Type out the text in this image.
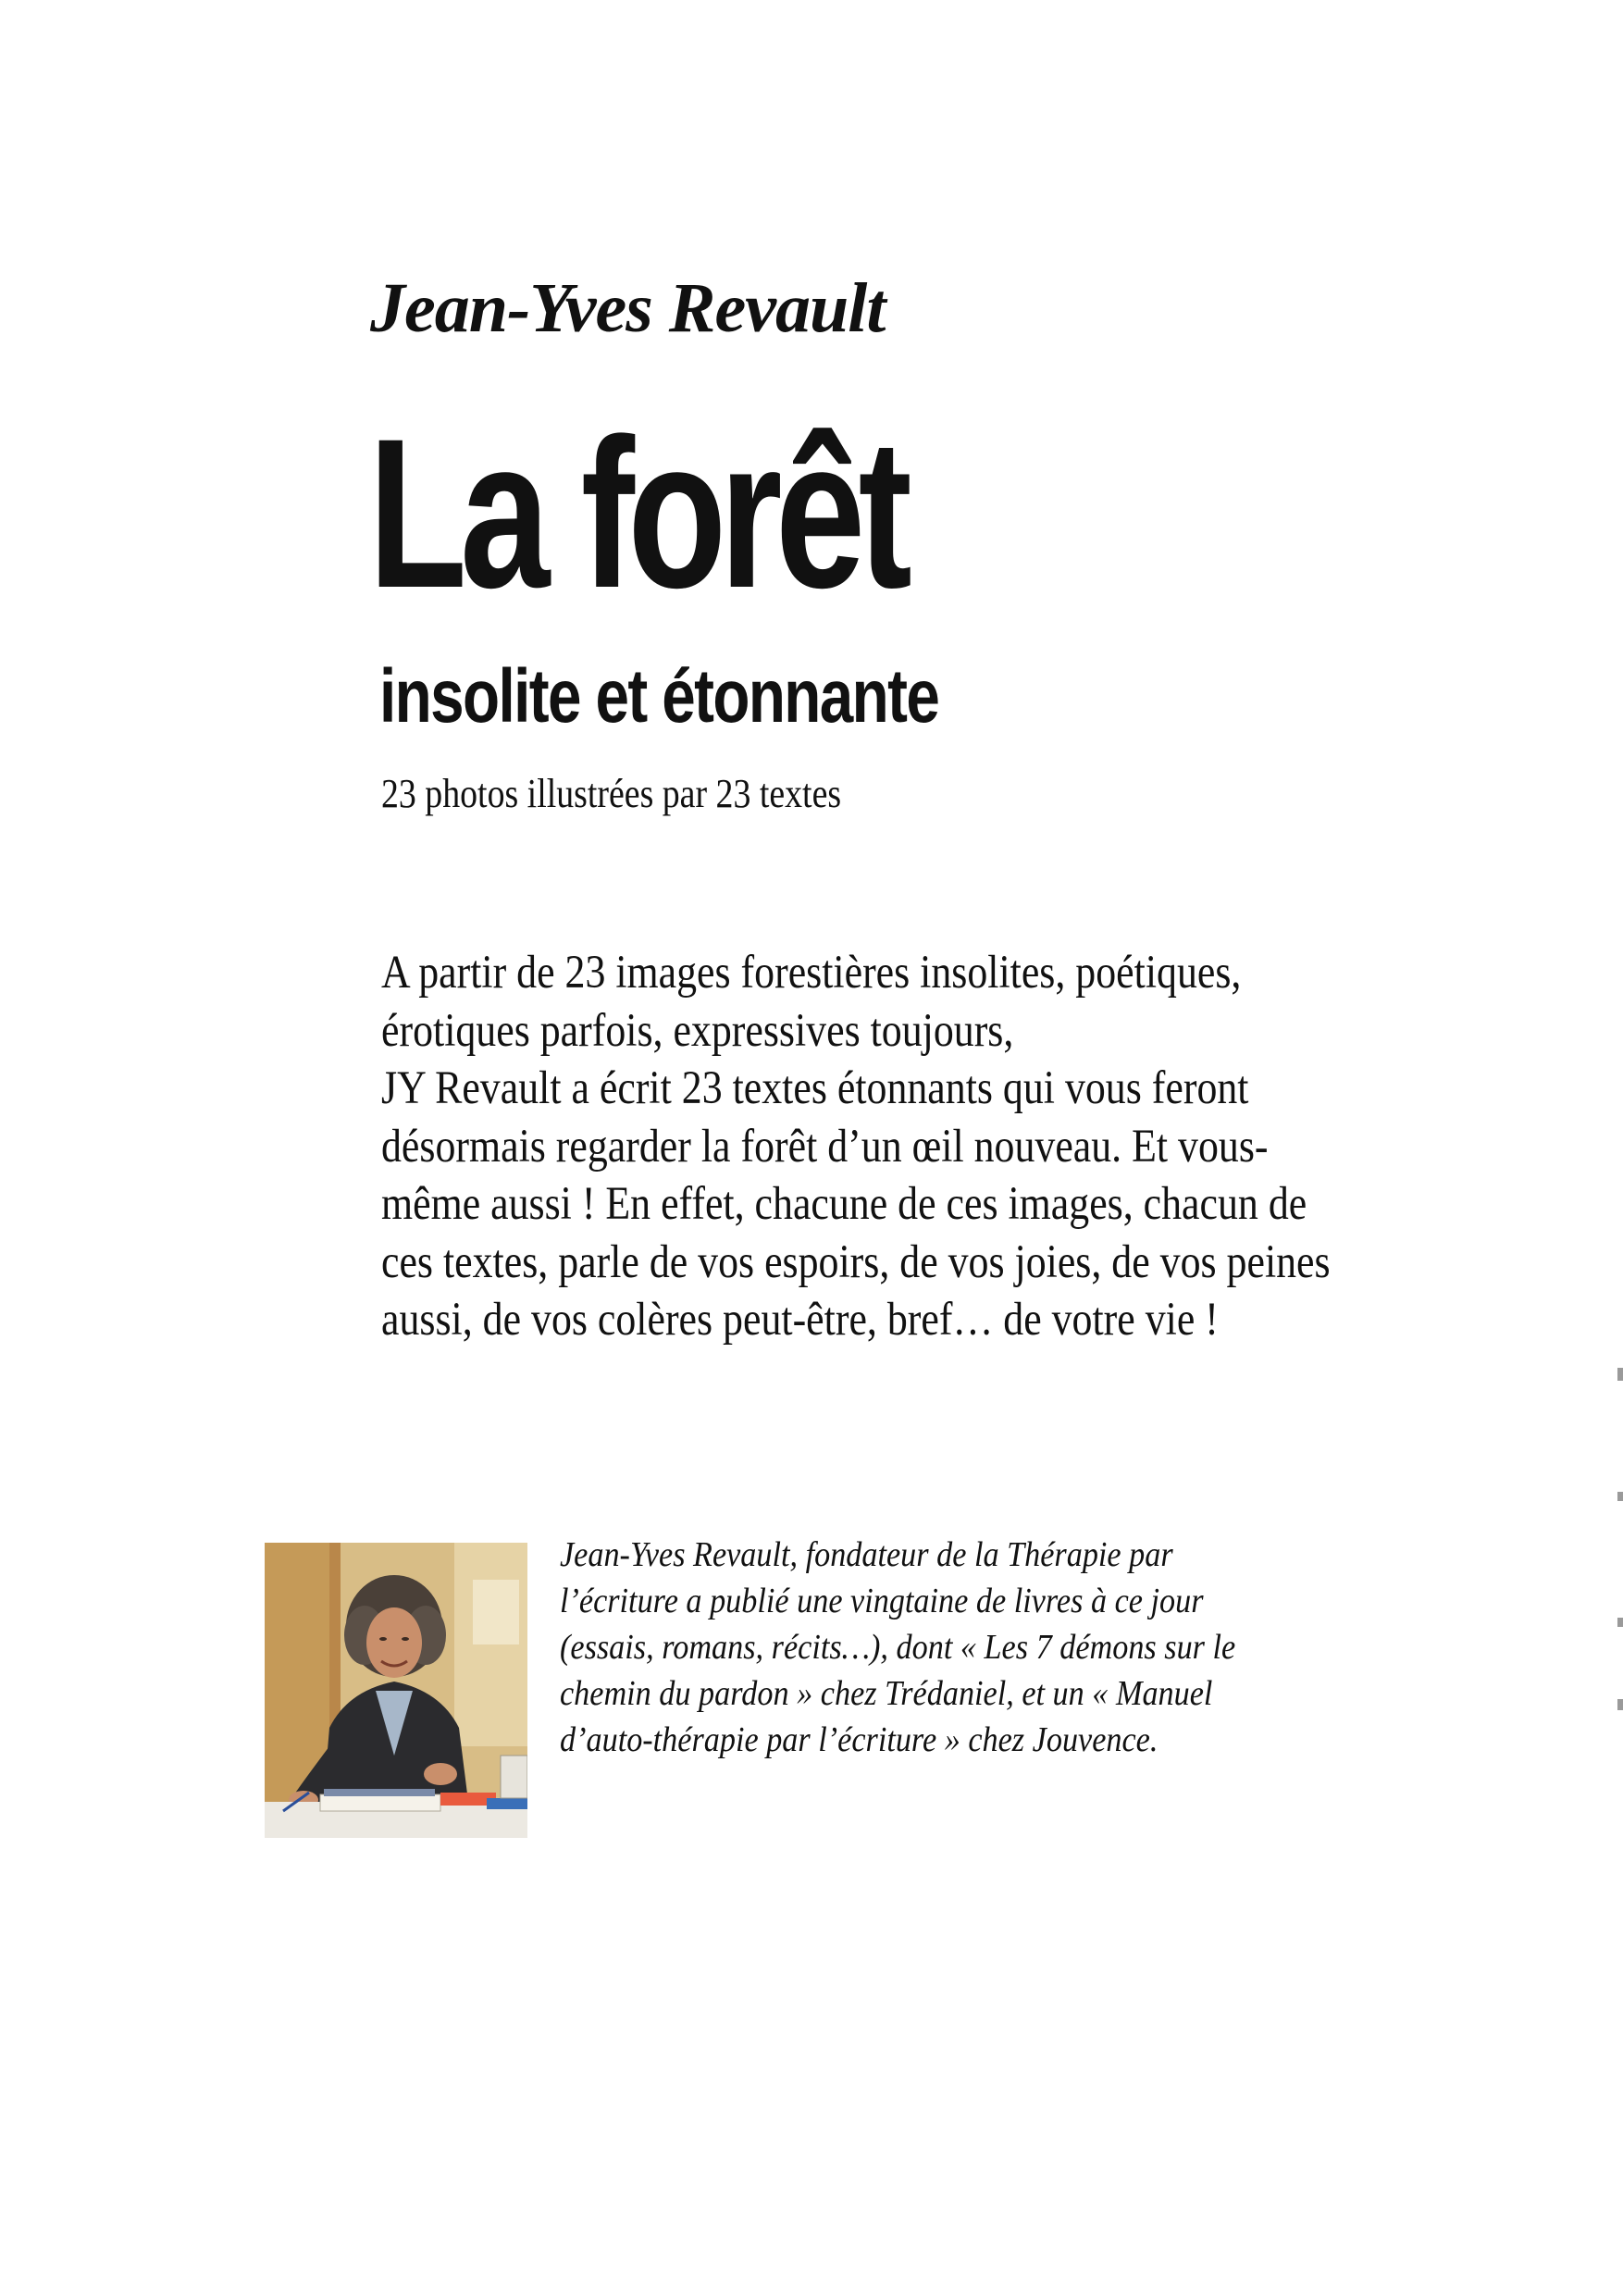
Jean-Yves Revault
La forêt
insolite et étonnante
23 photos illustrées par 23 textes
A partir de 23 images forestières insolites, poétiques,
érotiques parfois, expressives toujours,
JY Revault a écrit 23 textes étonnants qui vous feront
désormais regarder la forêt d’un œil nouveau. Et vous-
même aussi ! En effet, chacune de ces images, chacun de
ces textes, parle de vos espoirs, de vos joies, de vos peines
aussi, de vos colères peut-être, bref… de votre vie !
Jean-Yves Revault, fondateur de la Thérapie par
l’écriture a publié une vingtaine de livres à ce jour
(essais, romans, récits…), dont « Les 7 démons sur le
chemin du pardon » chez Trédaniel, et un « Manuel
d’auto-thérapie par l’écriture » chez Jouvence.
